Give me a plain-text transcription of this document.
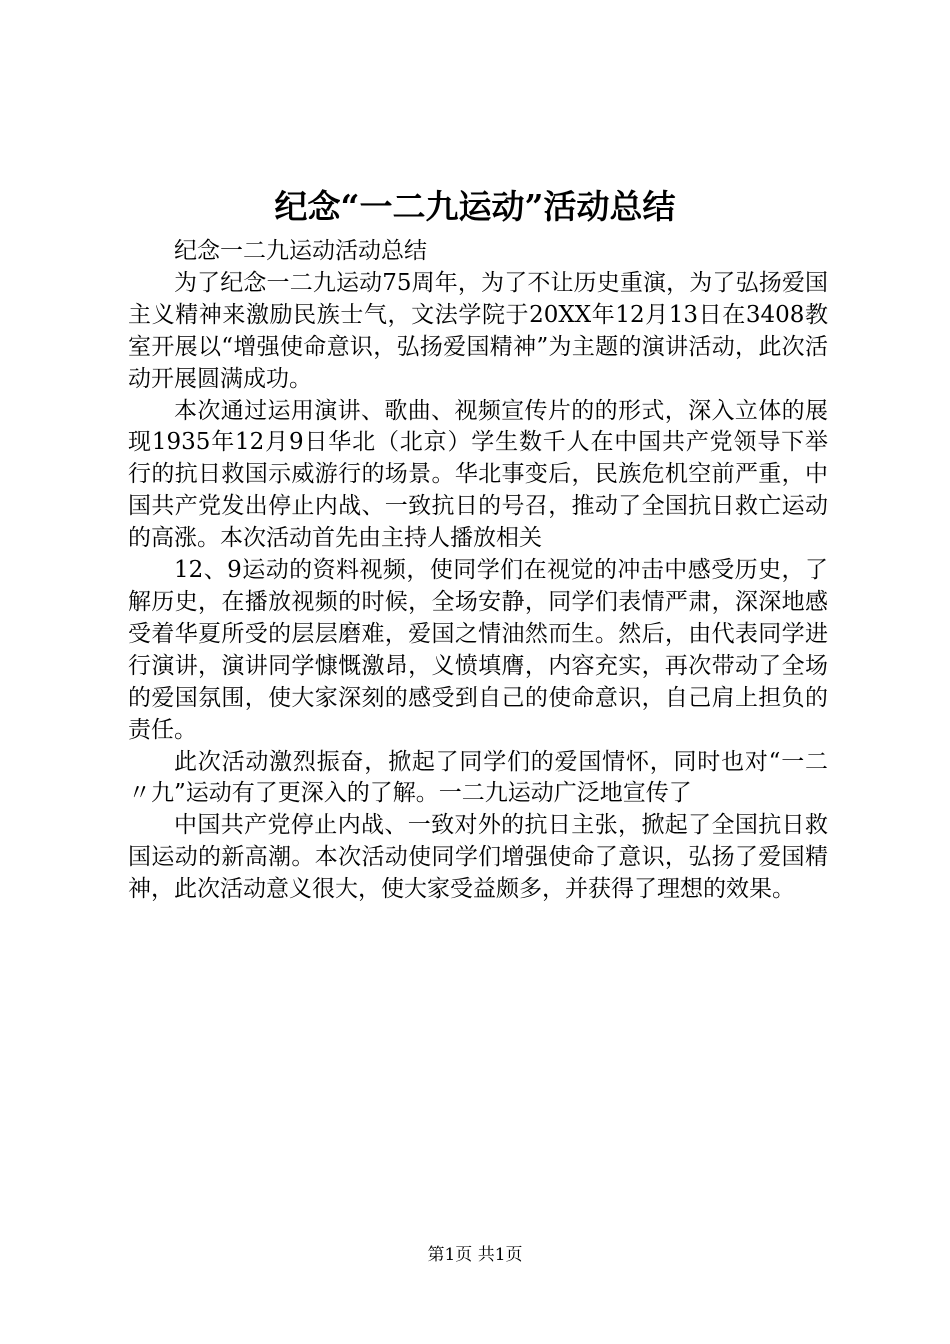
纪念“一二九运动”活动总结

纪念一二九运动活动总结

为了纪念一二九运动75周年，为了不让历史重演，为了弘扬爱国主义精神来激励民族士气，文法学院于20XX年12月13日在3408教室开展以“增强使命意识，弘扬爱国精神”为主题的演讲活动，此次活动开展圆满成功。

本次通过运用演讲、歌曲、视频宣传片的的形式，深入立体的展现1935年12月9日华北（北京）学生数千人在中国共产党领导下举行的抗日救国示威游行的场景。华北事变后，民族危机空前严重，中国共产党发出停止内战、一致抗日的号召，推动了全国抗日救亡运动的高涨。本次活动首先由主持人播放相关

12、9运动的资料视频，使同学们在视觉的冲击中感受历史，了解历史，在播放视频的时候，全场安静，同学们表情严肃，深深地感受着华夏所受的层层磨难，爱国之情油然而生。然后，由代表同学进行演讲，演讲同学慷慨激昂，义愤填膺，内容充实，再次带动了全场的爱国氛围，使大家深刻的感受到自己的使命意识，自己肩上担负的责任。

此次活动激烈振奋，掀起了同学们的爱国情怀，同时也对“一二〃九”运动有了更深入的了解。一二九运动广泛地宣传了

中国共产党停止内战、一致对外的抗日主张，掀起了全国抗日救国运动的新高潮。本次活动使同学们增强使命了意识，弘扬了爱国精神，此次活动意义很大，使大家受益颇多，并获得了理想的效果。

第1页 共1页
